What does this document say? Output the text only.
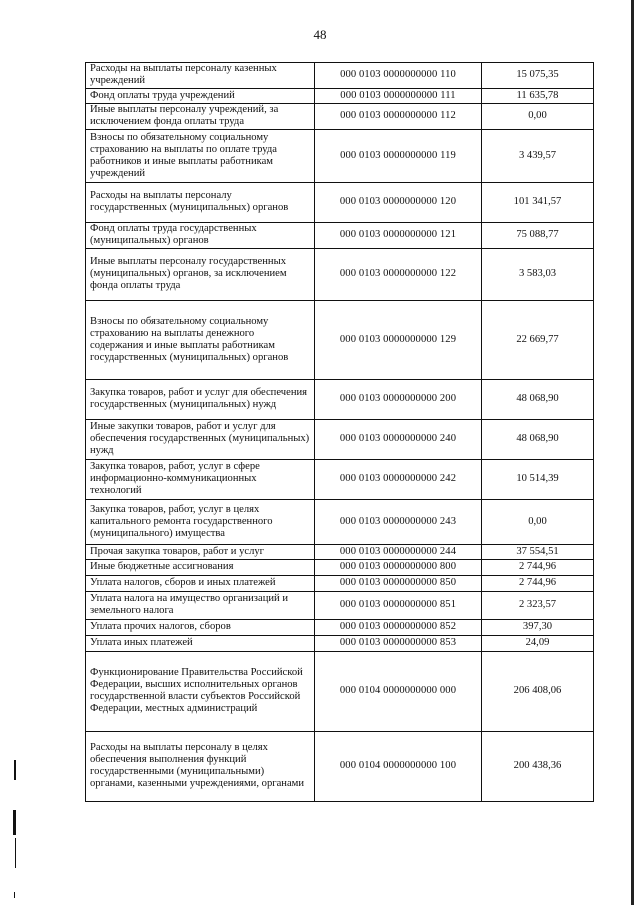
48
Расходы на выплаты персоналу казенных учреждений	000 0103 0000000000 110	15 075,35
Фонд оплаты труда учреждений	000 0103 0000000000 111	11 635,78
Иные выплаты персоналу учреждений, за исключением фонда оплаты труда	000 0103 0000000000 112	0,00
Взносы по обязательному социальному страхованию на выплаты по оплате труда работников и иные выплаты работникам учреждений	000 0103 0000000000 119	3 439,57
Расходы на выплаты персоналу государственных (муниципальных) органов	000 0103 0000000000 120	101 341,57
Фонд оплаты труда государственных (муниципальных) органов	000 0103 0000000000 121	75 088,77
Иные выплаты персоналу государственных (муниципальных) органов, за исключением фонда оплаты труда	000 0103 0000000000 122	3 583,03
Взносы по обязательному социальному страхованию на выплаты денежного содержания и иные выплаты работникам государственных (муниципальных) органов	000 0103 0000000000 129	22 669,77
Закупка товаров, работ и услуг для обеспечения государственных (муниципальных) нужд	000 0103 0000000000 200	48 068,90
Иные закупки товаров, работ и услуг для обеспечения государственных (муниципальных) нужд	000 0103 0000000000 240	48 068,90
Закупка товаров, работ, услуг в сфере информационно-коммуникационных технологий	000 0103 0000000000 242	10 514,39
Закупка товаров, работ, услуг в целях капитального ремонта государственного (муниципального) имущества	000 0103 0000000000 243	0,00
Прочая закупка товаров, работ и услуг	000 0103 0000000000 244	37 554,51
Иные бюджетные ассигнования	000 0103 0000000000 800	2 744,96
Уплата налогов, сборов и иных платежей	000 0103 0000000000 850	2 744,96
Уплата налога на имущество организаций и земельного налога	000 0103 0000000000 851	2 323,57
Уплата прочих налогов, сборов	000 0103 0000000000 852	397,30
Уплата иных платежей	000 0103 0000000000 853	24,09
Функционирование Правительства Российской Федерации, высших исполнительных органов государственной власти субъектов Российской Федерации, местных администраций	000 0104 0000000000 000	206 408,06
Расходы на выплаты персоналу в целях обеспечения выполнения функций государственными (муниципальными) органами, казенными учреждениями, органами	000 0104 0000000000 100	200 438,36
